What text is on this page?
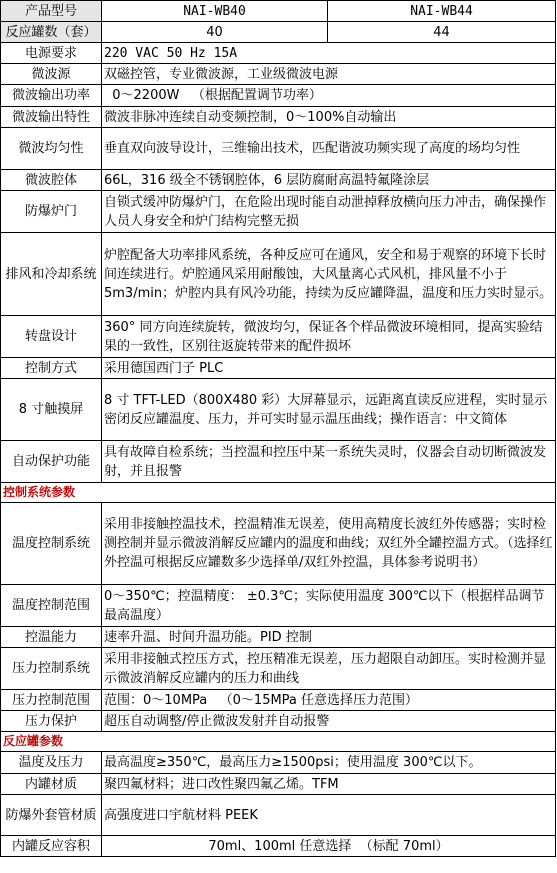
产品型号	NAI-WB40	NAI-WB44
反应罐数（套）	40	44
电源要求	220 VAC 50 Hz 15A	
微波源	双磁控管，专业微波源，工业级微波电源	
微波输出功率	0～2200W   （根据配置调节功率）	
微波输出特性	微波非脉冲连续自动变频控制，0～100%自动输出	
微波均匀性	垂直双向波导设计，三维输出技术，匹配谐波功频实现了高度的场均匀性	
微波腔体	66L，316 级全不锈钢腔体，6 层防腐耐高温特氟隆涂层	
防爆炉门	自锁式缓冲防爆炉门，在危险出现时能自动泄掉释放横向压力冲击，确保操作人员人身安全和炉门结构完整无损	
排风和冷却系统	炉腔配备大功率排风系统，各种反应可在通风，安全和易于观察的环境下长时间连续进行。炉腔通风采用耐酸蚀，大风量离心式风机，排风量不小于 5m3/min；炉腔内具有风冷功能，持续为反应罐降温，温度和压力实时显示。	
转盘设计	360° 同方向连续旋转，微波均匀，保证各个样品微波环境相同，提高实验结果的一致性，区别往返旋转带来的配件损坏	
控制方式	采用德国西门子 PLC	
8 寸触摸屏	8 寸 TFT-LED（800X480 彩）大屏幕显示，远距离直读反应进程，实时显示密闭反应罐温度、压力，并可实时显示温压曲线；操作语言：中文简体	
自动保护功能	具有故障自检系统；当控温和控压中某一系统失灵时，仪器会自动切断微波发射，并且报警	
控制系统参数		
温度控制系统	采用非接触控温技术，控温精准无误差，使用高精度长波红外传感器；实时检测控制并显示微波消解反应罐内的温度和曲线；双红外全罐控温方式。（选择红外控温可根据反应罐数多少选择单/双红外控温，具体参考说明书）	
温度控制范围	0～350℃；控温精度： ±0.3℃；实际使用温度 300℃以下（根据样品调节最高温度）	
控温能力	速率升温、时间升温功能。PID 控制	
压力控制系统	采用非接触式控压方式，控压精准无误差，压力超限自动卸压。实时检测并显示微波消解反应罐内的压力和曲线	
压力控制范围	范围：0～10MPa   （0～15MPa 任意选择压力范围）	
压力保护	超压自动调整/停止微波发射并自动报警	
反应罐参数		
温度及压力	最高温度≥350℃，最高压力≥1500psi；使用温度 300℃以下。	
内罐材质	聚四氟材料；进口改性聚四氟乙烯。TFM	
防爆外套管材质	高强度进口宇航材料 PEEK	
内罐反应容积	70ml、100ml 任意选择  （标配 70ml）	
